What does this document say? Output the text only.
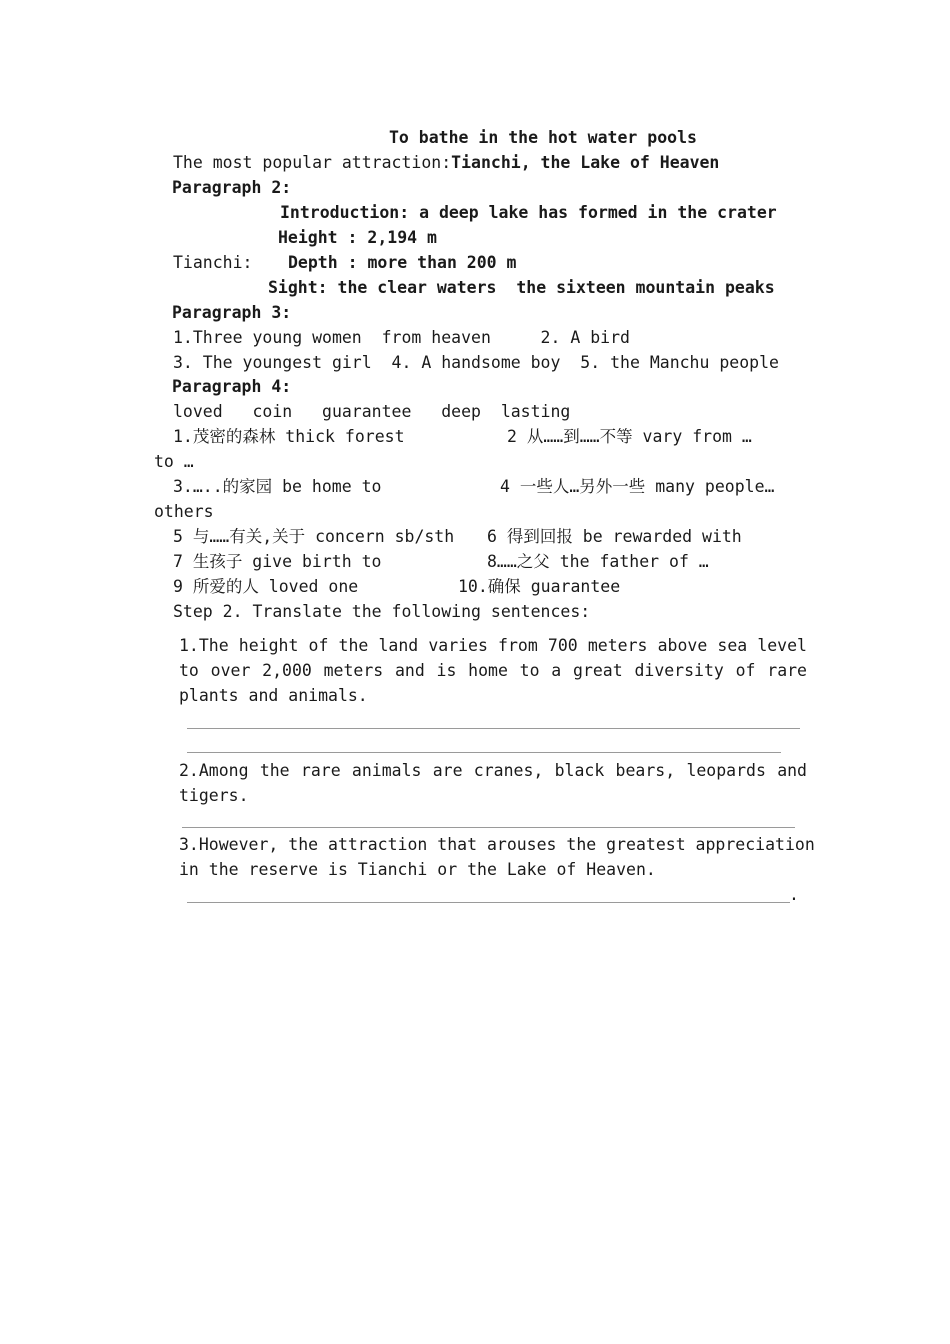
To bathe in the hot water pools
The most popular attraction:Tianchi, the Lake of Heaven
Paragraph 2:
Introduction: a deep lake has formed in the crater
Height : 2,194 m
Tianchi: Depth : more than 200 m
Sight: the clear waters  the sixteen mountain peaks
Paragraph 3:
1.Three young women  from heaven     2. A bird
3. The youngest girl  4. A handsome boy  5. the Manchu people
Paragraph 4:
loved   coin   guarantee   deep  lasting
1.茂密的森林 thick forest	2 从……到……不等 vary from …
to …
3.…..的家园 be home to	4 一些人…另外一些 many people…
others
5 与……有关,关于 concern sb/sth 6 得到回报 be rewarded with
7 生孩子 give birth to	8……之父 the father of …
9 所爱的人 loved one	10.确保 guarantee
Step 2. Translate the following sentences:
1.The height of the land varies from 700 meters above sea level
to over 2,000 meters and is home to a great diversity of rare
plants and animals.
2.Among the rare animals are cranes, black bears, leopards and
tigers.
3.However, the attraction that arouses the greatest appreciation
in the reserve is Tianchi or the Lake of Heaven.
.
